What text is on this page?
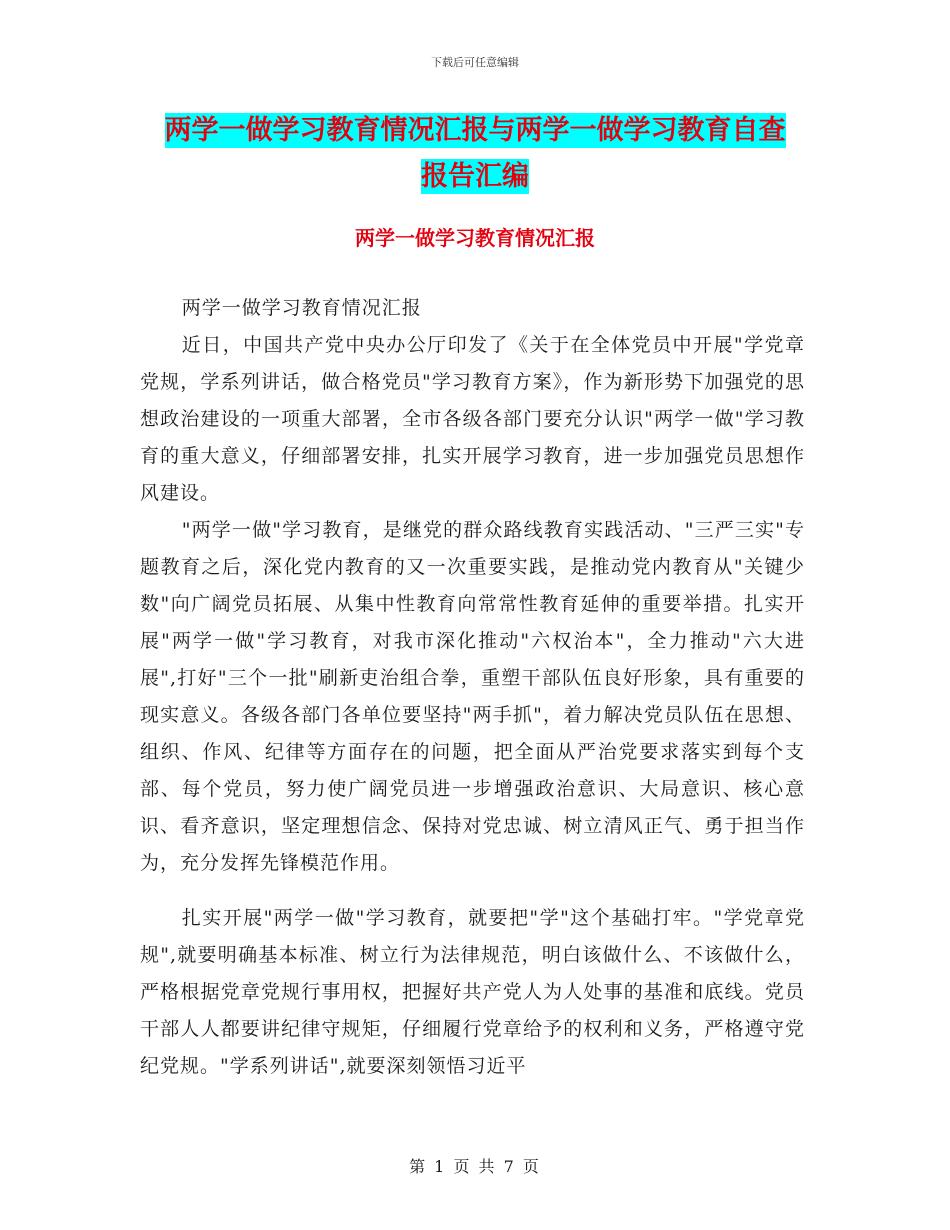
下载后可任意编辑
两学一做学习教育情况汇报与两学一做学习教育自查
报告汇编
两学一做学习教育情况汇报

两学一做学习教育情况汇报

近日，中国共产党中央办公厅印发了《关于在全体党员中开展"学党章党规，学系列讲话，做合格党员"学习教育方案》，作为新形势下加强党的思想政治建设的一项重大部署，全市各级各部门要充分认识"两学一做"学习教育的重大意义，仔细部署安排，扎实开展学习教育，进一步加强党员思想作风建设。

"两学一做"学习教育，是继党的群众路线教育实践活动、"三严三实"专题教育之后，深化党内教育的又一次重要实践，是推动党内教育从"关键少数"向广阔党员拓展、从集中性教育向常常性教育延伸的重要举措。扎实开展"两学一做"学习教育，对我市深化推动"六权治本"，全力推动"六大进展",打好"三个一批"刷新吏治组合拳，重塑干部队伍良好形象，具有重要的现实意义。各级各部门各单位要坚持"两手抓"，着力解决党员队伍在思想、组织、作风、纪律等方面存在的问题，把全面从严治党要求落实到每个支部、每个党员，努力使广阔党员进一步增强政治意识、大局意识、核心意识、看齐意识，坚定理想信念、保持对党忠诚、树立清风正气、勇于担当作为，充分发挥先锋模范作用。

扎实开展"两学一做"学习教育，就要把"学"这个基础打牢。"学党章党规",就要明确基本标准、树立行为法律规范，明白该做什么、不该做什么，严格根据党章党规行事用权，把握好共产党人为人处事的基准和底线。党员干部人人都要讲纪律守规矩，仔细履行党章给予的权利和义务，严格遵守党纪党规。"学系列讲话",就要深刻领悟习近平

第 1 页 共 7 页
